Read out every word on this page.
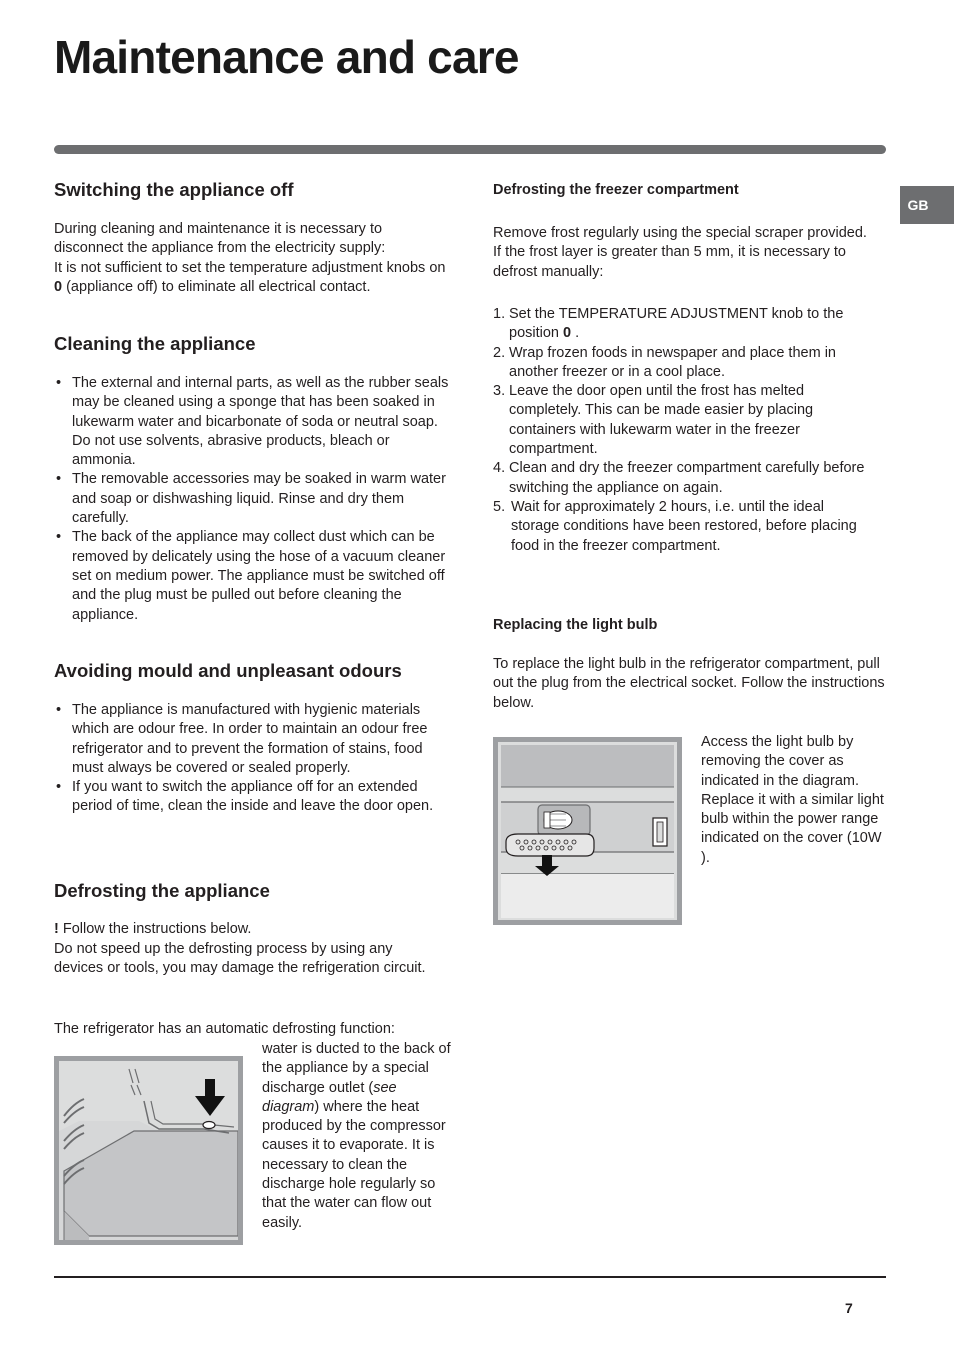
Maintenance and care
GB
Switching the appliance off

During cleaning and maintenance it is necessary to disconnect the appliance from the electricity supply:

It is not sufficient to set the temperature adjustment knobs on 0 (appliance off) to eliminate all electrical contact.

Cleaning the appliance
• The external and internal parts, as well as the rubber seals may be cleaned using a sponge that has been soaked in lukewarm water and bicarbonate of soda or neutral soap. Do not use solvents, abrasive products, bleach or ammonia.
• The removable accessories may be soaked in warm water and soap or dishwashing liquid. Rinse and dry them carefully.
• The back of the appliance may collect dust which can be removed by delicately using the hose of a vacuum cleaner set on medium power. The appliance must be switched off and the plug must be pulled out before cleaning the appliance.
Avoiding mould and unpleasant odours
• The appliance is manufactured with hygienic materials which are odour free. In order to maintain an odour free refrigerator and to prevent the formation of stains, food must always be covered or sealed properly.
• If you want to switch the appliance off for an extended period of time, clean the inside and leave the door open.
Defrosting the appliance

! Follow the instructions below.

Do not speed up the defrosting process by using any devices or tools, you may damage the refrigeration circuit.

The refrigerator has an automatic defrosting function:

water is ducted to the back of the appliance by a special discharge outlet (see diagram) where the heat produced by the compressor causes it to evaporate. It is necessary to clean the discharge hole regularly so that the water can flow out easily.

Defrosting the freezer compartment

Remove frost regularly using the special scraper provided. If the frost layer is greater than 5 mm, it is necessary to defrost manually:

1. Set the TEMPERATURE ADJUSTMENT knob to the position 0 .
2. Wrap frozen foods in newspaper and place them in another freezer or in a cool place.
3. Leave the door open until the frost has melted completely. This can be made easier by placing containers with lukewarm water in the freezer compartment.
4. Clean and dry the freezer compartment carefully before switching the appliance on again.
5. Wait for approximately 2 hours, i.e. until the ideal storage conditions have been restored, before placing food in the freezer compartment.
Replacing the light bulb

To replace the light bulb in the refrigerator compartment, pull out the plug from the electrical socket. Follow the instructions below.

Access the light bulb by removing the cover as indicated in the diagram. Replace it with a similar light bulb within the power range indicated on the cover (10W ).

7
